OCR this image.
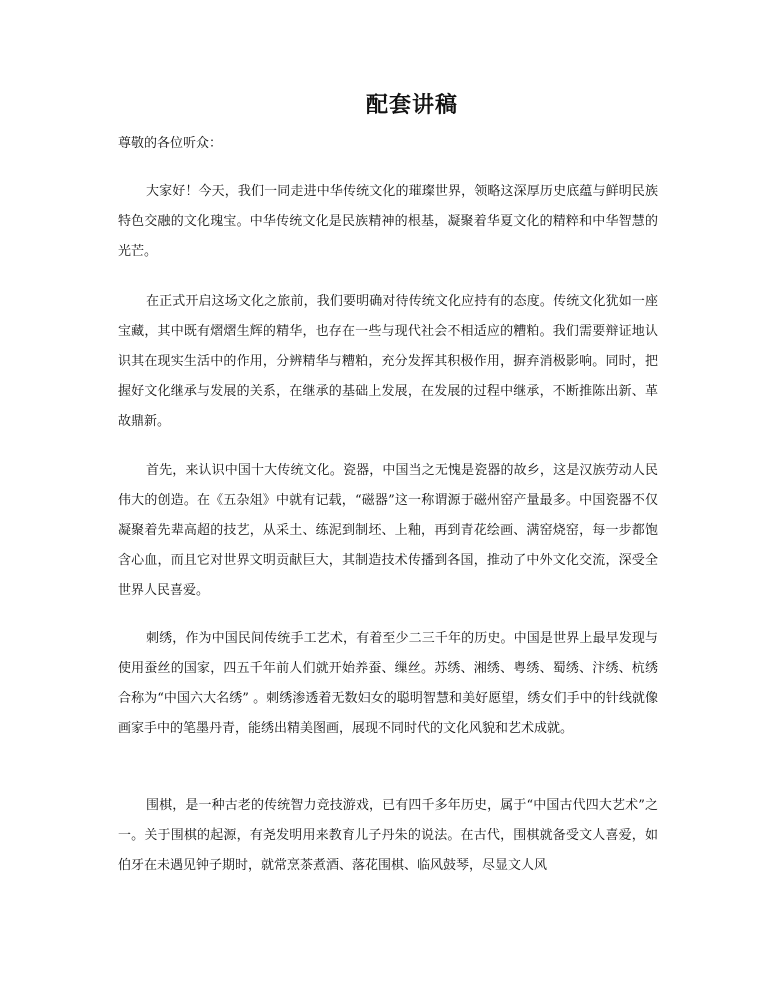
配套讲稿

尊敬的各位听众：

大家好！今天，我们一同走进中华传统文化的璀璨世界，领略这深厚历史底蕴与鲜明民族特色交融的文化瑰宝。中华传统文化是民族精神的根基，凝聚着华夏文化的精粹和中华智慧的光芒。

在正式开启这场文化之旅前，我们要明确对待传统文化应持有的态度。传统文化犹如一座宝藏，其中既有熠熠生辉的精华，也存在一些与现代社会不相适应的糟粕。我们需要辩证地认识其在现实生活中的作用，分辨精华与糟粕，充分发挥其积极作用，摒弃消极影响。同时，把握好文化继承与发展的关系，在继承的基础上发展，在发展的过程中继承，不断推陈出新、革故鼎新。

首先，来认识中国十大传统文化。瓷器，中国当之无愧是瓷器的故乡，这是汉族劳动人民伟大的创造。在《五杂俎》中就有记载，“磁器”这一称谓源于磁州窑产量最多。中国瓷器不仅凝聚着先辈高超的技艺，从采土、练泥到制坯、上釉，再到青花绘画、满窑烧窑，每一步都饱含心血，而且它对世界文明贡献巨大，其制造技术传播到各国，推动了中外文化交流，深受全世界人民喜爱。

刺绣，作为中国民间传统手工艺术，有着至少二三千年的历史。中国是世界上最早发现与使用蚕丝的国家，四五千年前人们就开始养蚕、缫丝。苏绣、湘绣、粤绣、蜀绣、汴绣、杭绣合称为“中国六大名绣” 。刺绣渗透着无数妇女的聪明智慧和美好愿望，绣女们手中的针线就像画家手中的笔墨丹青，能绣出精美图画，展现不同时代的文化风貌和艺术成就。

围棋，是一种古老的传统智力竞技游戏，已有四千多年历史，属于“中国古代四大艺术”之一。关于围棋的起源，有尧发明用来教育儿子丹朱的说法。在古代，围棋就备受文人喜爱，如伯牙在未遇见钟子期时，就常烹茶煮酒、落花围棋、临风鼓琴，尽显文人风
